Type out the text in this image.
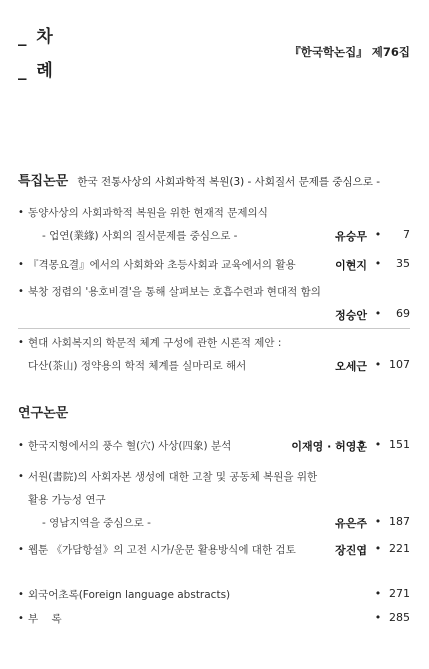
_ 차
_ 례
『한국학논집』 제76집
특집논문 한국 전통사상의 사회과학적 복원(3) - 사회질서 문제를 중심으로 -
• 동양사상의 사회과학적 복원을 위한 현재적 문제의식
- 업연(業緣) 사회의 질서문제를 중심으로 -	유승무 •	7
• 『격몽요결』에서의 사회화와 초등사회과 교육에서의 활용	이현지 •	35
• 북창 정렴의 '용호비결'을 통해 살펴보는 호흡수련과 현대적 함의
정승안 •	69
• 현대 사회복지의 학문적 체계 구성에 관한 시론적 제안 :
다산(茶山) 정약용의 학적 체계를 실마리로 해서	오세근 • 107
연구논문
• 한국지형에서의 풍수 혈(穴) 사상(四象) 분석	이재영 · 허영훈 • 151
• 서원(書院)의 사회자본 생성에 대한 고찰 및 공동체 복원을 위한
활용 가능성 연구
- 영남지역을 중심으로 -	유은주 • 187
• 웹툰 《가담항설》의 고전 시가/운문 활용방식에 대한 검토	장진엽 • 221
• 외국어초록(Foreign language abstracts)	• 271
• 부    록	• 285
